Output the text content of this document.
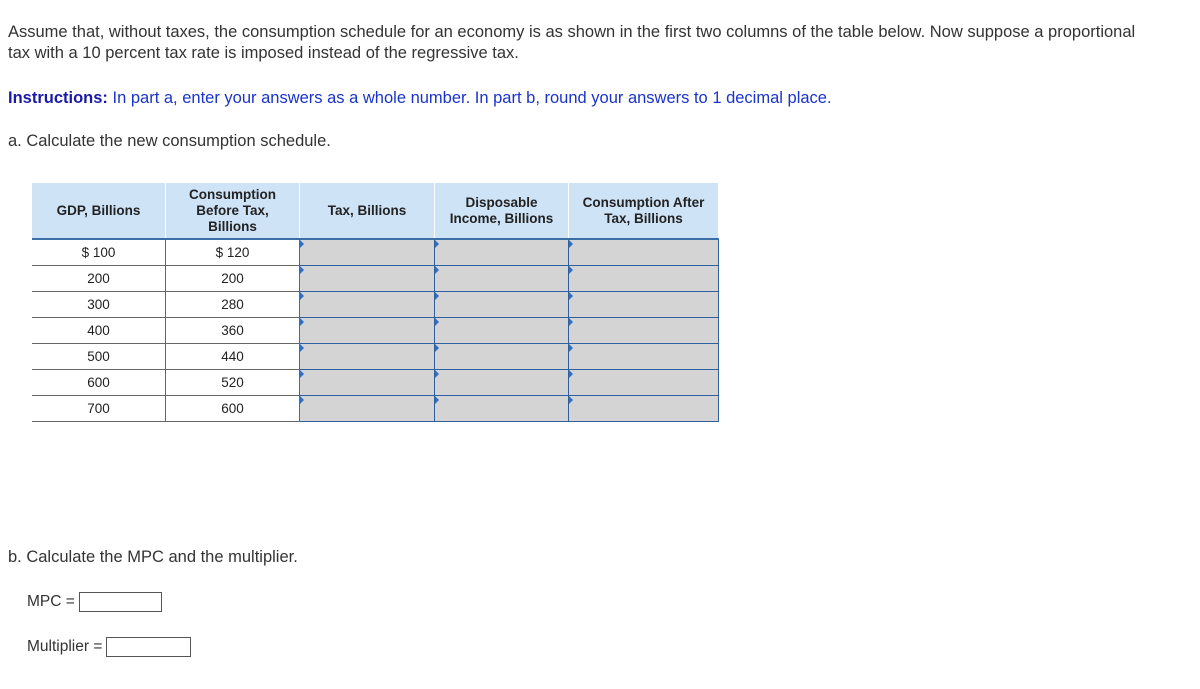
Assume that, without taxes, the consumption schedule for an economy is as shown in the first two columns of the table below. Now suppose a proportional tax with a 10 percent tax rate is imposed instead of the regressive tax.

Instructions: In part a, enter your answers as a whole number. In part b, round your answers to 1 decimal place.

a. Calculate the new consumption schedule.

GDP, Billions	Consumption Before Tax, Billions	Tax, Billions	Disposable Income, Billions	Consumption After Tax, Billions
$ 100	$ 120			
200	200			
300	280			
400	360			
500	440			
600	520			
700	600			

b. Calculate the MPC and the multiplier.

MPC =
Multiplier =
